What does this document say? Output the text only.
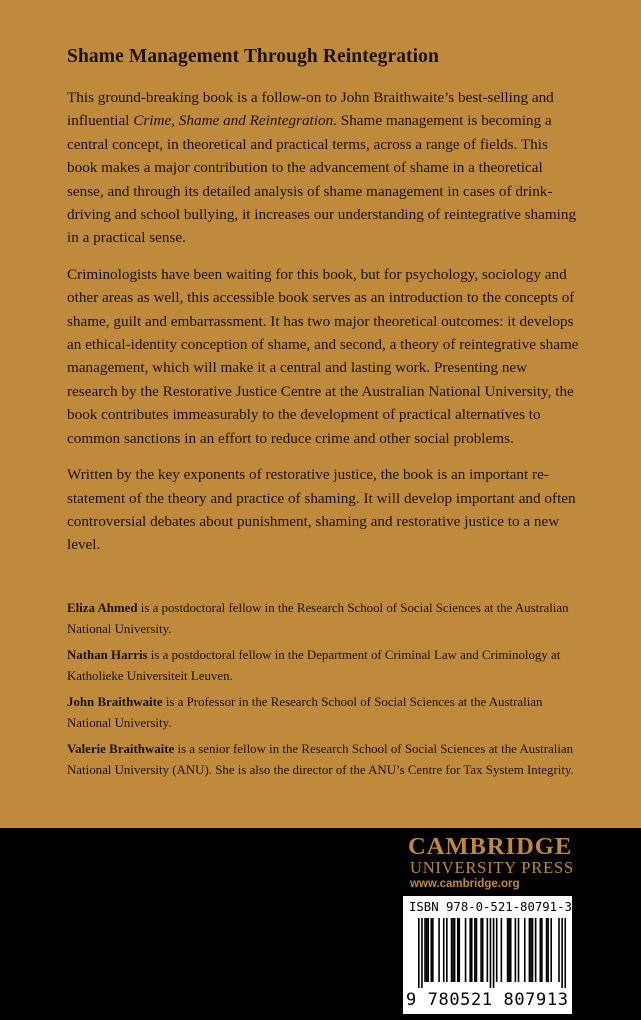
Shame Management Through Reintegration

This ground-breaking book is a follow-on to John Braithwaite’s best-selling and influential Crime, Shame and Reintegration. Shame management is becoming a central concept, in theoretical and practical terms, across a range of fields. This book makes a major contribution to the advancement of shame in a theoretical sense, and through its detailed analysis of shame management in cases of drink-driving and school bullying, it increases our understanding of reintegrative shaming in a practical sense.

Criminologists have been waiting for this book, but for psychology, sociology and other areas as well, this accessible book serves as an introduction to the concepts of shame, guilt and embarrassment. It has two major theoretical outcomes: it develops an ethical-identity conception of shame, and second, a theory of reintegrative shame management, which will make it a central and lasting work. Presenting new research by the Restorative Justice Centre at the Australian National University, the book contributes immeasurably to the development of practical alternatives to common sanctions in an effort to reduce crime and other social problems.

Written by the key exponents of restorative justice, the book is an important re-statement of the theory and practice of shaming. It will develop important and often controversial debates about punishment, shaming and restorative justice to a new level.

Eliza Ahmed is a postdoctoral fellow in the Research School of Social Sciences at the Australian National University.

Nathan Harris is a postdoctoral fellow in the Department of Criminal Law and Criminology at Katholieke Universiteit Leuven.

John Braithwaite is a Professor in the Research School of Social Sciences at the Australian National University.

Valerie Braithwaite is a senior fellow in the Research School of Social Sciences at the Australian National University (ANU). She is also the director of the ANU’s Centre for Tax System Integrity.

CAMBRIDGE
UNIVERSITY PRESS
www.cambridge.org
ISBN 978-0-521-80791-3
9 780521 807913 >
